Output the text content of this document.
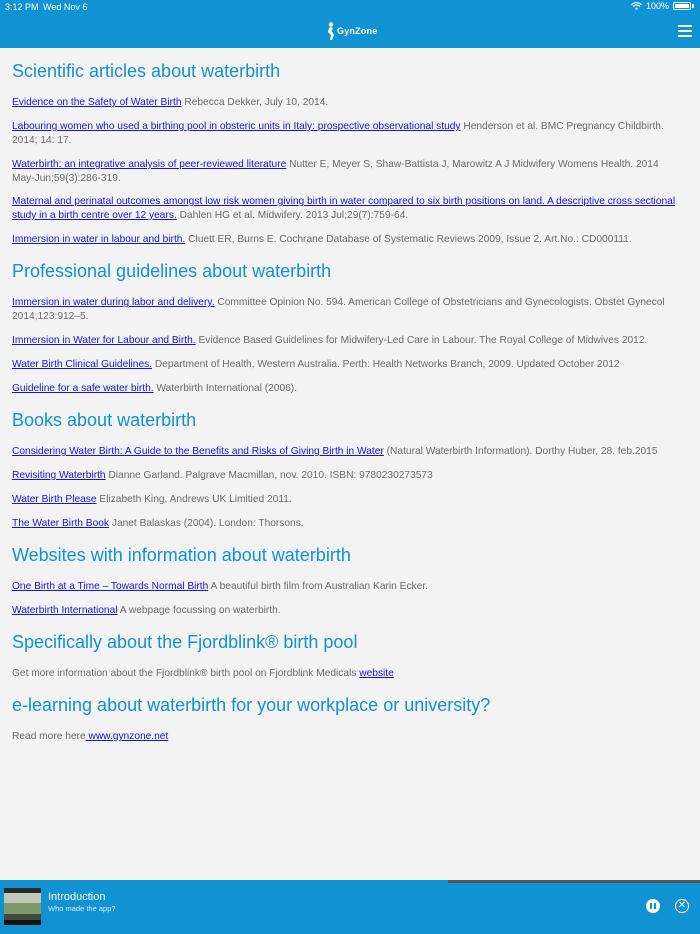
3:12 PM Wed Nov 6	100%
GynZone
Scientific articles about waterbirth

Evidence on the Safety of Water Birth Rebecca Dekker, July 10, 2014.

Labouring women who used a birthing pool in obsteric units in Italy: prospective observational study Henderson et al. BMC Pregnancy Childbirth. 2014; 14: 17.

Waterbirth: an integrative analysis of peer-reviewed literature Nutter E, Meyer S, Shaw-Battista J, Marowitz A J Midwifery Womens Health. 2014 May-Jun;59(3):286-319.

Maternal and perinatal outcomes amongst low risk women giving birth in water compared to six birth positions on land. A descriptive cross sectional study in a birth centre over 12 years. Dahlen HG et al. Midwifery. 2013 Jul;29(7):759-64.

Immersion in water in labour and birth. Cluett ER, Burns E. Cochrane Database of Systematic Reviews 2009, Issue 2. Art.No.: CD000111.

Professional guidelines about waterbirth

Immersion in water during labor and delivery. Committee Opinion No. 594. American College of Obstetricians and Gynecologists. Obstet Gynecol 2014;123:912–5.

Immersion in Water for Labour and Birth. Evidence Based Guidelines for Midwifery-Led Care in Labour. The Royal College of Midwives 2012.

Water Birth Clinical Guidelines. Department of Health, Western Australia. Perth: Health Networks Branch, 2009. Updated October 2012

Guideline for a safe water birth. Waterbirth International (2006).

Books about waterbirth

Considering Water Birth: A Guide to the Benefits and Risks of Giving Birth in Water (Natural Waterbirth Information). Dorthy Huber, 28. feb.2015

Revisiting Waterbirth Dianne Garland. Palgrave Macmillan, nov. 2010. ISBN: 9780230273573

Water Birth Please Elizabeth King, Andrews UK Limitied 2011.

The Water Birth Book Janet Balaskas (2004). London: Thorsons.

Websites with information about waterbirth

One Birth at a Time – Towards Normal Birth A beautiful birth film from Australian Karin Ecker.

Waterbirth International A webpage focussing on waterbirth.

Specifically about the Fjordblink® birth pool

Get more information about the Fjordblink® birth pool on Fjordblink Medicals website

e-learning about waterbirth for your workplace or university?

Read more here www.gynzone.net

Introduction
Who made the app?	✕
